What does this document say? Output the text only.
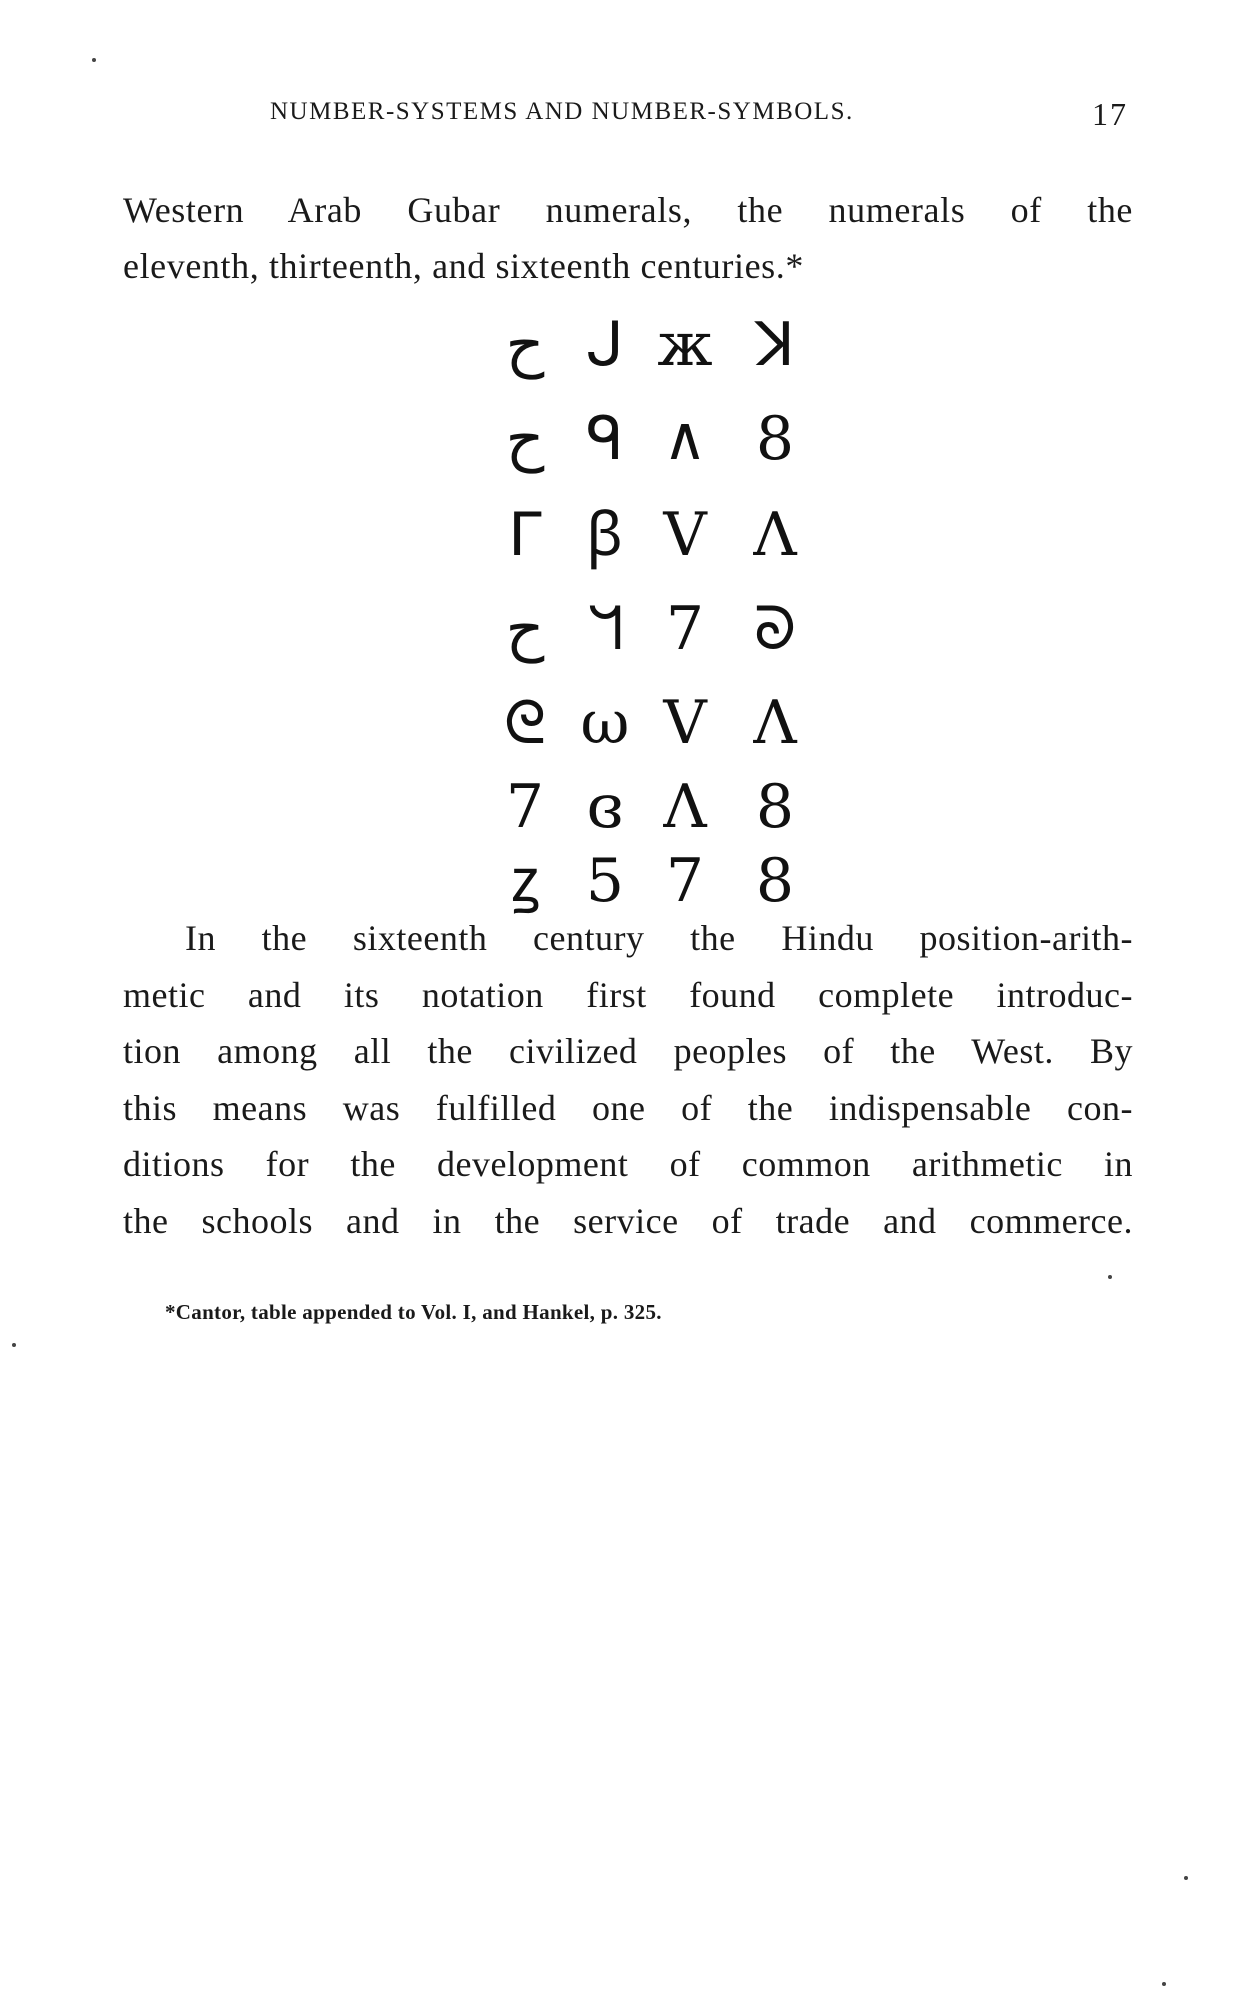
NUMBER-SYSTEMS AND NUMBER-SYMBOLS.	17
Western Arab Gubar numerals, the numerals of the
eleventh, thirteenth, and sixteenth centuries.*
ح ᒍ ж ꓘ
ح ᑫ ∧ 8
ᒥ ꞵ V Λ
ح ᖻ 7 ᘐ
ᘓ ω V Λ
7 ɞ Λ 8
ꙁ 5 7 8
In the sixteenth century the Hindu position-arith-
metic and its notation first found complete introduc-
tion among all the civilized peoples of the West. By
this means was fulfilled one of the indispensable con-
ditions for the development of common arithmetic in
the schools and in the service of trade and commerce.
*Cantor, table appended to Vol. I, and Hankel, p. 325.
